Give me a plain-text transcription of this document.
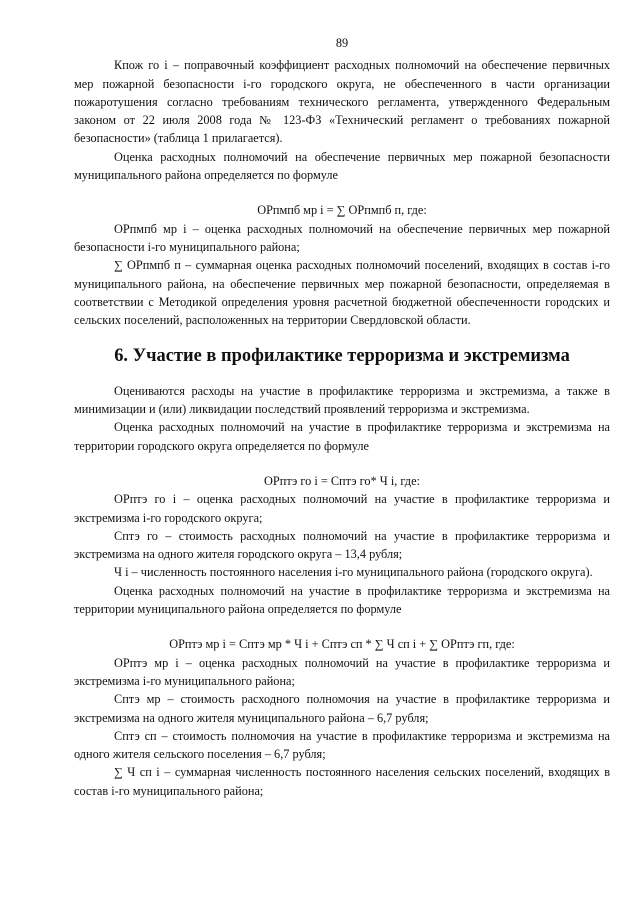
89

Кпож го i – поправочный коэффициент расходных полномочий на обеспечение первичных мер пожарной безопасности i-го городского округа, не обеспеченного в части организации пожаротушения согласно требованиям технического регламента, утвержденного Федеральным законом от 22 июля 2008 года № 123-ФЗ «Технический регламент о требованиях пожарной безопасности» (таблица 1 прилагается).

Оценка расходных полномочий на обеспечение первичных мер пожарной безопасности муниципального района определяется по формуле

ОРпмпб мр i = ∑ ОРпмпб п, где:

ОРпмпб мр i – оценка расходных полномочий на обеспечение первичных мер пожарной безопасности i-го муниципального района;

∑ ОРпмпб п – суммарная оценка расходных полномочий поселений, входящих в состав i-го муниципального района, на обеспечение первичных мер пожарной безопасности, определяемая в соответствии с Методикой определения уровня расчетной бюджетной обеспеченности городских и сельских поселений, расположенных на территории Свердловской области.

6. Участие в профилактике терроризма и экстремизма

Оцениваются расходы на участие в профилактике терроризма и экстремизма, а также в минимизации и (или) ликвидации последствий проявлений терроризма и экстремизма.

Оценка расходных полномочий на участие в профилактике терроризма и экстремизма на территории городского округа определяется по формуле

ОРптэ го i = Сптэ го* Ч i, где:

ОРптэ го i – оценка расходных полномочий на участие в профилактике терроризма и экстремизма i-го городского округа;

Сптэ го – стоимость расходных полномочий на участие в профилактике терроризма и экстремизма на одного жителя городского округа – 13,4 рубля;

Ч i – численность постоянного населения i-го муниципального района (городского округа).

Оценка расходных полномочий на участие в профилактике терроризма и экстремизма на территории муниципального района определяется по формуле

ОРптэ мр i = Сптэ мр * Ч i + Сптэ сп * ∑ Ч сп i + ∑ ОРптэ гп, где:

ОРптэ мр i – оценка расходных полномочий на участие в профилактике терроризма и экстремизма i-го муниципального района;

Сптэ мр – стоимость расходного полномочия на участие в профилактике терроризма и экстремизма на одного жителя муниципального района – 6,7 рубля;

Сптэ сп – стоимость полномочия на участие в профилактике терроризма и экстремизма на одного жителя сельского поселения – 6,7 рубля;

∑ Ч сп i – суммарная численность постоянного населения сельских поселений, входящих в состав i-го муниципального района;
